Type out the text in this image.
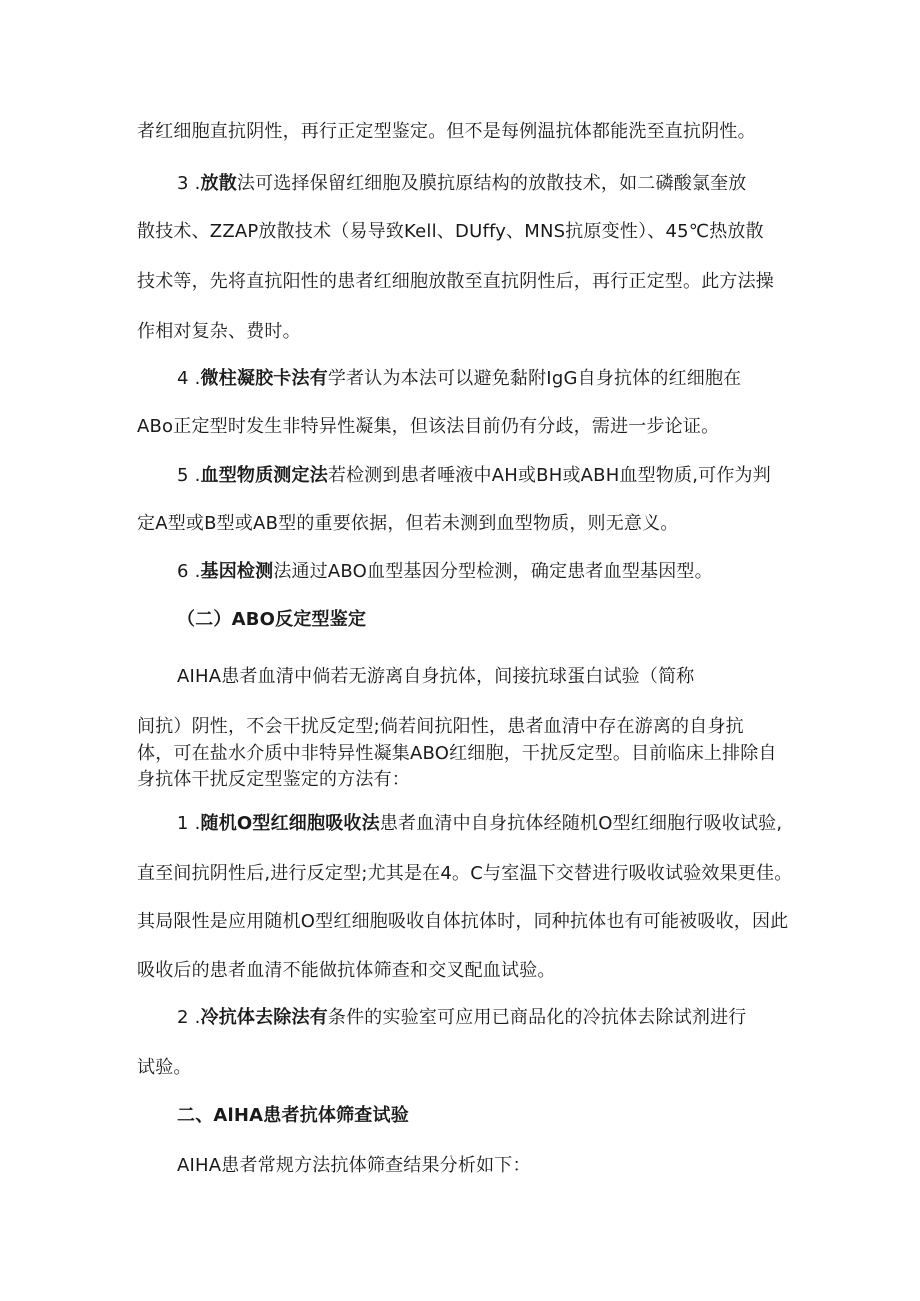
者红细胞直抗阴性，再行正定型鉴定。但不是每例温抗体都能洗至直抗阴性。
3 .放散法可选择保留红细胞及膜抗原结构的放散技术，如二磷酸氯奎放
散技术、ZZAP放散技术（易导致Kell、DUffy、MNS抗原变性）、45℃热放散
技术等，先将直抗阳性的患者红细胞放散至直抗阴性后，再行正定型。此方法操
作相对复杂、费时。
4 .微柱凝胶卡法有学者认为本法可以避免黏附IgG自身抗体的红细胞在
ABo正定型时发生非特异性凝集，但该法目前仍有分歧，需进一步论证。
5 .血型物质测定法若检测到患者唾液中AH或BH或ABH血型物质,可作为判
定A型或B型或AB型的重要依据，但若未测到血型物质，则无意义。
6 .基因检测法通过ABO血型基因分型检测，确定患者血型基因型。
（二）ABO反定型鉴定
AIHA患者血清中倘若无游离自身抗体，间接抗球蛋白试验（简称
间抗）阴性，不会干扰反定型;倘若间抗阳性，患者血清中存在游离的自身抗
体，可在盐水介质中非特异性凝集ABO红细胞，干扰反定型。目前临床上排除自
身抗体干扰反定型鉴定的方法有：
1 .随机O型红细胞吸收法患者血清中自身抗体经随机O型红细胞行吸收试验,
直至间抗阴性后,进行反定型;尤其是在4。C与室温下交替进行吸收试验效果更佳。
其局限性是应用随机O型红细胞吸收自体抗体时，同种抗体也有可能被吸收，因此
吸收后的患者血清不能做抗体筛查和交叉配血试验。
2 .冷抗体去除法有条件的实验室可应用已商品化的冷抗体去除试剂进行
试验。
二、AlHA患者抗体筛查试验
AIHA患者常规方法抗体筛查结果分析如下：
